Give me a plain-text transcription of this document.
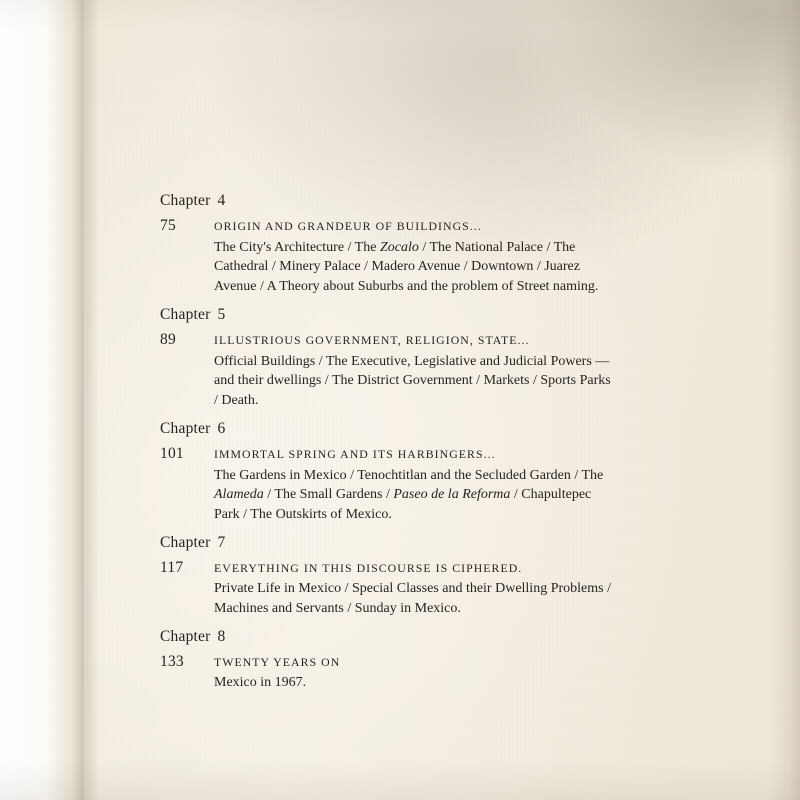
Chapter 4
75	ORIGIN AND GRANDEUR OF BUILDINGS...
The City's Architecture / The Zocalo / The National Palace / The Cathedral / Minery Palace / Madero Avenue / Downtown / Juarez Avenue / A Theory about Suburbs and the problem of Street naming.
Chapter 5
89	ILLUSTRIOUS GOVERNMENT, RELIGION, STATE...
Official Buildings / The Executive, Legislative and Judicial Powers — and their dwellings / The District Government / Markets / Sports Parks / Death.
Chapter 6
101	IMMORTAL SPRING AND ITS HARBINGERS...
The Gardens in Mexico / Tenochtitlan and the Secluded Garden / The Alameda / The Small Gardens / Paseo de la Reforma / Chapultepec Park / The Outskirts of Mexico.
Chapter 7
117	EVERYTHING IN THIS DISCOURSE IS CIPHERED.
Private Life in Mexico / Special Classes and their Dwelling Problems / Machines and Servants / Sunday in Mexico.
Chapter 8
133	TWENTY YEARS ON
Mexico in 1967.
